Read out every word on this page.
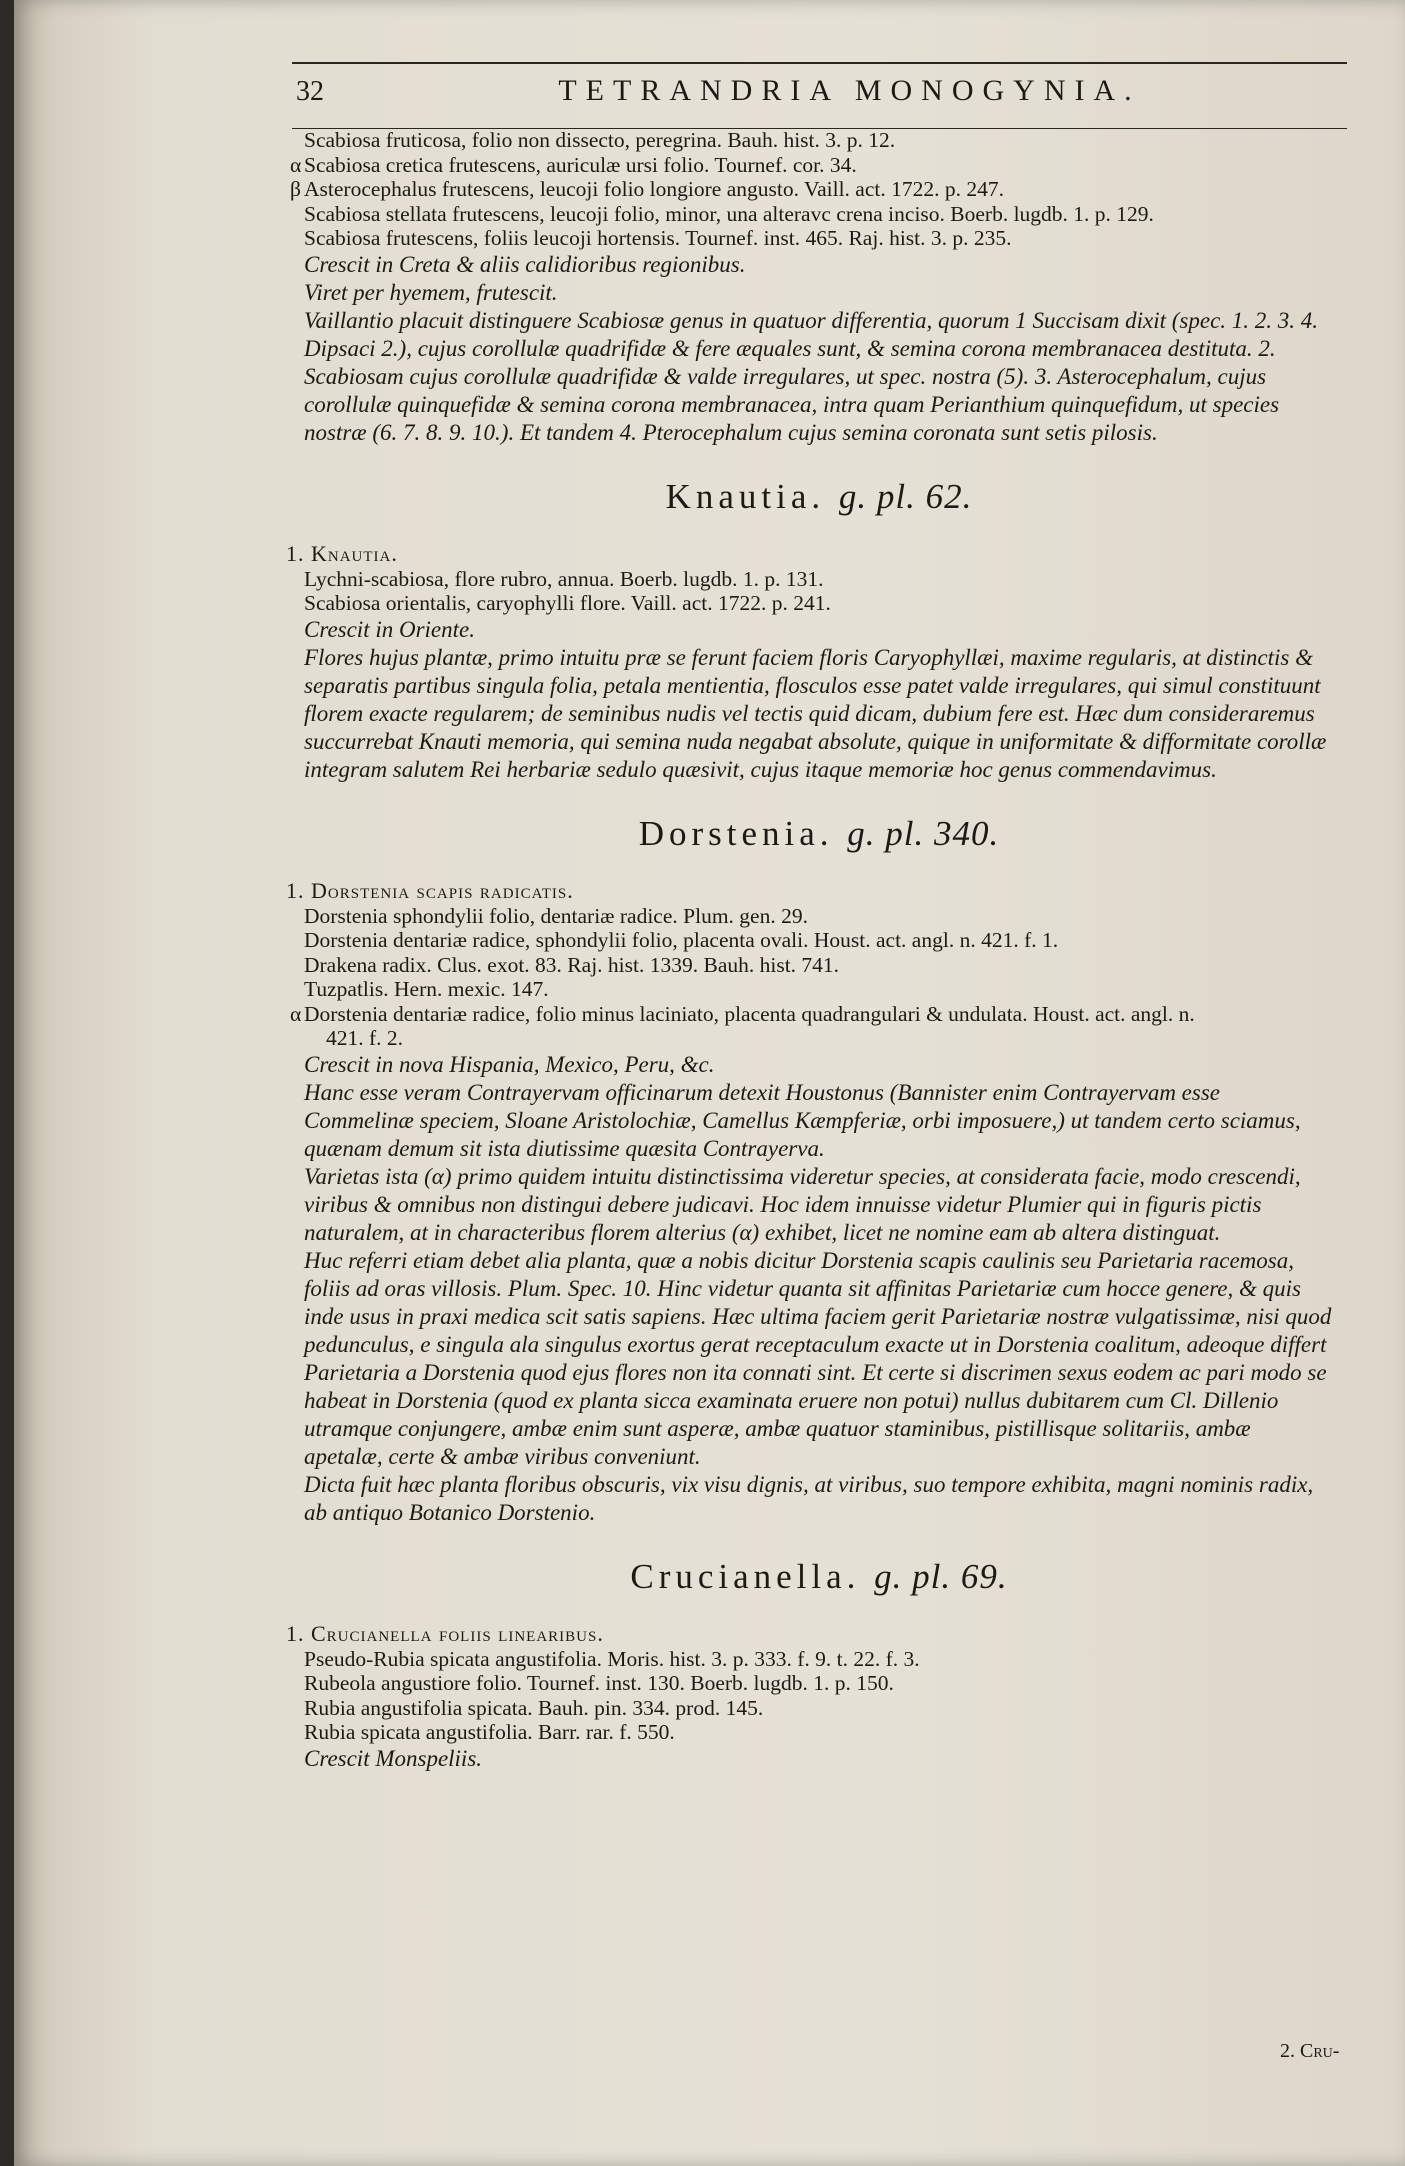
32	TETRANDRIA MONOGYNIA.
Scabiosa fruticosa, folio non dissecto, peregrina. Bauh. hist. 3. p. 12.
α Scabiosa cretica frutescens, auriculæ ursi folio. Tournef. cor. 34.
β Asterocephalus frutescens, leucoji folio longiore angusto. Vaill. act. 1722. p. 247.
Scabiosa stellata frutescens, leucoji folio, minor, una alteravc crena inciso. Boerb. lugdb. 1. p. 129.
Scabiosa frutescens, foliis leucoji hortensis. Tournef. inst. 465. Raj. hist. 3. p. 235.
Crescit in Creta & aliis calidioribus regionibus.
Viret per hyemem, frutescit.
Vaillantio placuit distinguere Scabiosæ genus in quatuor differentia, quorum 1 Succisam dixit (spec. 1. 2. 3. 4. Dipsaci 2.), cujus corollulæ quadrifidæ & fere æquales sunt, & semina corona membranacea destituta. 2. Scabiosam cujus corollulæ quadrifidæ & valde irregulares, ut spec. nostra (5). 3. Asterocephalum, cujus corollulæ quinquefidæ & semina corona membranacea, intra quam Perianthium quinquefidum, ut species nostræ (6. 7. 8. 9. 10.). Et tandem 4. Pterocephalum cujus semina coronata sunt setis pilosis.
Knautia. g. pl. 62.
1. Knautia.
Lychni-scabiosa, flore rubro, annua. Boerb. lugdb. 1. p. 131.
Scabiosa orientalis, caryophylli flore. Vaill. act. 1722. p. 241.
Crescit in Oriente.
Flores hujus plantæ, primo intuitu præ se ferunt faciem floris Caryophyllæi, maxime regularis, at distinctis & separatis partibus singula folia, petala mentientia, flosculos esse patet valde irregulares, qui simul constituunt florem exacte regularem; de seminibus nudis vel tectis quid dicam, dubium fere est. Hæc dum consideraremus succurrebat Knauti memoria, qui semina nuda negabat absolute, quique in uniformitate & difformitate corollæ integram salutem Rei herbariæ sedulo quæsivit, cujus itaque memoriæ hoc genus commendavimus.
Dorstenia. g. pl. 340.
1. Dorstenia scapis radicatis.
Dorstenia sphondylii folio, dentariæ radice. Plum. gen. 29.
Dorstenia dentariæ radice, sphondylii folio, placenta ovali. Houst. act. angl. n. 421. f. 1.
Drakena radix. Clus. exot. 83. Raj. hist. 1339. Bauh. hist. 741.
Tuzpatlis. Hern. mexic. 147.
α Dorstenia dentariæ radice, folio minus laciniato, placenta quadrangulari & undulata. Houst. act. angl. n.
421. f. 2.
Crescit in nova Hispania, Mexico, Peru, &c.
Hanc esse veram Contrayervam officinarum detexit Houstonus (Bannister enim Contrayervam esse Commelinæ speciem, Sloane Aristolochiæ, Camellus Kæmpferiæ, orbi imposuere,) ut tandem certo sciamus, quænam demum sit ista diutissime quæsita Contrayerva.
Varietas ista (α) primo quidem intuitu distinctissima videretur species, at considerata facie, modo crescendi, viribus & omnibus non distingui debere judicavi. Hoc idem innuisse videtur Plumier qui in figuris pictis naturalem, at in characteribus florem alterius (α) exhibet, licet ne nomine eam ab altera distinguat.
Huc referri etiam debet alia planta, quæ a nobis dicitur Dorstenia scapis caulinis seu Parietaria racemosa, foliis ad oras villosis. Plum. Spec. 10. Hinc videtur quanta sit affinitas Parietariæ cum hocce genere, & quis inde usus in praxi medica scit satis sapiens. Hæc ultima faciem gerit Parietariæ nostræ vulgatissimæ, nisi quod pedunculus, e singula ala singulus exortus gerat receptaculum exacte ut in Dorstenia coalitum, adeoque differt Parietaria a Dorstenia quod ejus flores non ita connati sint. Et certe si discrimen sexus eodem ac pari modo se habeat in Dorstenia (quod ex planta sicca examinata eruere non potui) nullus dubitarem cum Cl. Dillenio utramque conjungere, ambæ enim sunt asperæ, ambæ quatuor staminibus, pistillisque solitariis, ambæ apetalæ, certe & ambæ viribus conveniunt.
Dicta fuit hæc planta floribus obscuris, vix visu dignis, at viribus, suo tempore exhibita, magni nominis radix, ab antiquo Botanico Dorstenio.
Crucianella. g. pl. 69.
1. Crucianella foliis linearibus.
Pseudo-Rubia spicata angustifolia. Moris. hist. 3. p. 333. f. 9. t. 22. f. 3.
Rubeola angustiore folio. Tournef. inst. 130. Boerb. lugdb. 1. p. 150.
Rubia angustifolia spicata. Bauh. pin. 334. prod. 145.
Rubia spicata angustifolia. Barr. rar. f. 550.
Crescit Monspeliis.
2. Cru-
